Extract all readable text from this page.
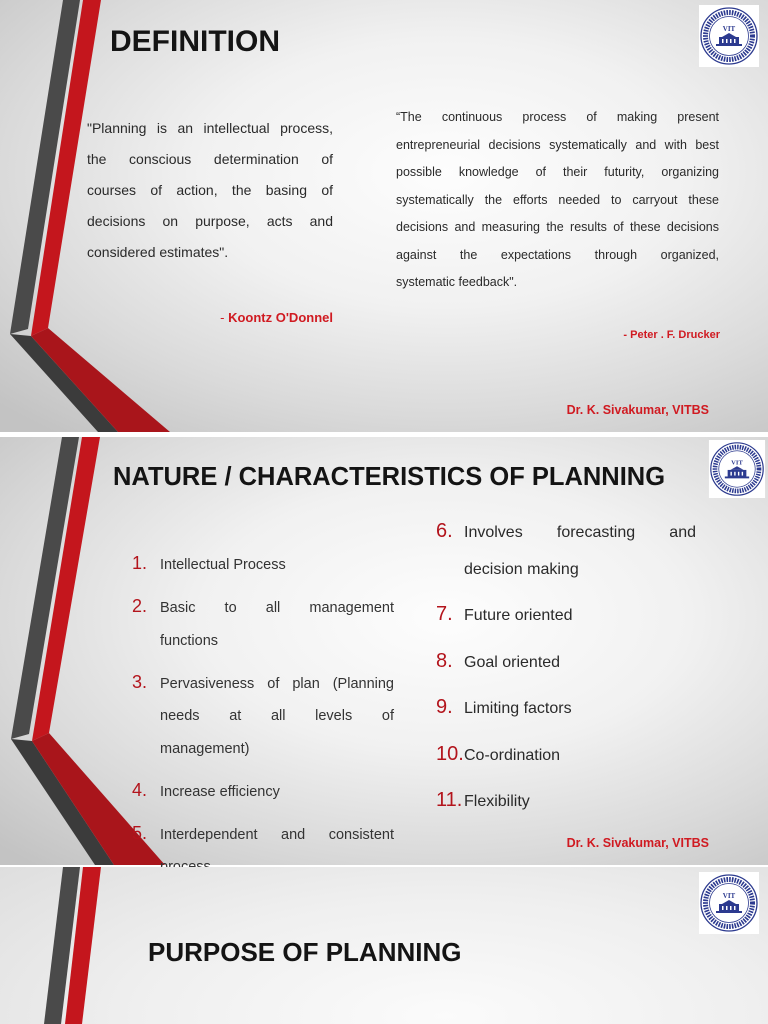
DEFINITION	VIT
"Planning is an intellectual process,
the conscious determination of
courses of action, the basing of
decisions on purpose, acts and
considered estimates".
- Koontz O'Donnel
“The continuous process of making present
entrepreneurial decisions systematically and with best
possible knowledge of their futurity, organizing
systematically the efforts needed to carryout these
decisions and measuring the results of these decisions
against the expectations through organized,
systematic feedback".
- Peter . F. Drucker
Dr. K. Sivakumar, VITBS
NATURE / CHARACTERISTICS OF PLANNING
VIT
1. Intellectual Process
2. Basic to all management
functions
3. Pervasiveness of plan (Planning
needs at all levels of
management)
4. Increase efficiency
5. Interdependent and consistent
6. Involves forecasting and
decision making
7. Future oriented
8. Goal oriented
9. Limiting factors
10. Co-ordination
11. Flexibility
Dr. K. Sivakumar, VITBS
PURPOSE OF PLANNING
VIT
